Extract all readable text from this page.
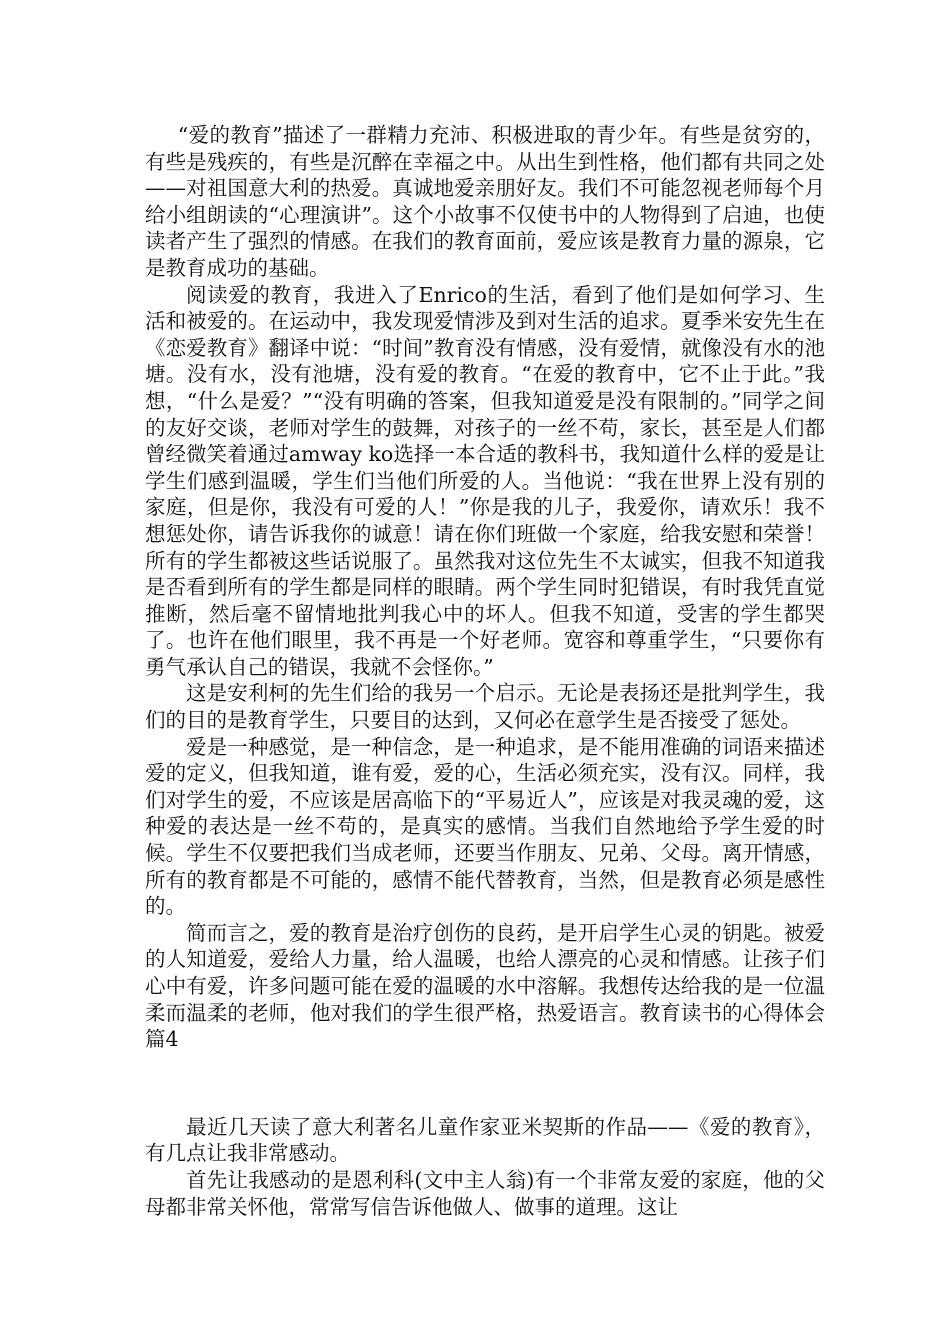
“爱的教育”描述了一群精力充沛、积极进取的青少年。有些是贫穷的，有些是残疾的，有些是沉醉在幸福之中。从出生到性格，他们都有共同之处——对祖国意大利的热爱。真诚地爱亲朋好友。我们不可能忽视老师每个月给小组朗读的“心理演讲”。这个小故事不仅使书中的人物得到了启迪，也使读者产生了强烈的情感。在我们的教育面前，爱应该是教育力量的源泉，它是教育成功的基础。

阅读爱的教育，我进入了Enrico的生活，看到了他们是如何学习、生活和被爱的。在运动中，我发现爱情涉及到对生活的追求。夏季米安先生在《恋爱教育》翻译中说：“时间”教育没有情感，没有爱情，就像没有水的池塘。没有水，没有池塘，没有爱的教育。“在爱的教育中，它不止于此。”我想，“什么是爱？”“没有明确的答案，但我知道爱是没有限制的。”同学之间的友好交谈，老师对学生的鼓舞，对孩子的一丝不苟，家长，甚至是人们都曾经微笑着通过amway ko选择一本合适的教科书，我知道什么样的爱是让学生们感到温暖，学生们当他们所爱的人。当他说：“我在世界上没有别的家庭，但是你，我没有可爱的人！”你是我的儿子，我爱你，请欢乐！我不想惩处你，请告诉我你的诚意！请在你们班做一个家庭，给我安慰和荣誉！所有的学生都被这些话说服了。虽然我对这位先生不太诚实，但我不知道我是否看到所有的学生都是同样的眼睛。两个学生同时犯错误，有时我凭直觉推断，然后毫不留情地批判我心中的坏人。但我不知道，受害的学生都哭了。也许在他们眼里，我不再是一个好老师。宽容和尊重学生，“只要你有勇气承认自己的错误，我就不会怪你。”

这是安利柯的先生们给的我另一个启示。无论是表扬还是批判学生，我们的目的是教育学生，只要目的达到，又何必在意学生是否接受了惩处。

爱是一种感觉，是一种信念，是一种追求，是不能用准确的词语来描述爱的定义，但我知道，谁有爱，爱的心，生活必须充实，没有汉。同样，我们对学生的爱，不应该是居高临下的“平易近人”，应该是对我灵魂的爱，这种爱的表达是一丝不苟的，是真实的感情。当我们自然地给予学生爱的时候。学生不仅要把我们当成老师，还要当作朋友、兄弟、父母。离开情感，所有的教育都是不可能的，感情不能代替教育，当然，但是教育必须是感性的。

简而言之，爱的教育是治疗创伤的良药，是开启学生心灵的钥匙。被爱的人知道爱，爱给人力量，给人温暖，也给人漂亮的心灵和情感。让孩子们心中有爱，许多问题可能在爱的温暖的水中溶解。我想传达给我的是一位温柔而温柔的老师，他对我们的学生很严格，热爱语言。教育读书的心得体会 篇4

最近几天读了意大利著名儿童作家亚米契斯的作品——《爱的教育》，有几点让我非常感动。

首先让我感动的是恩利科(文中主人翁)有一个非常友爱的家庭，他的父母都非常关怀他，常常写信告诉他做人、做事的道理。这让
